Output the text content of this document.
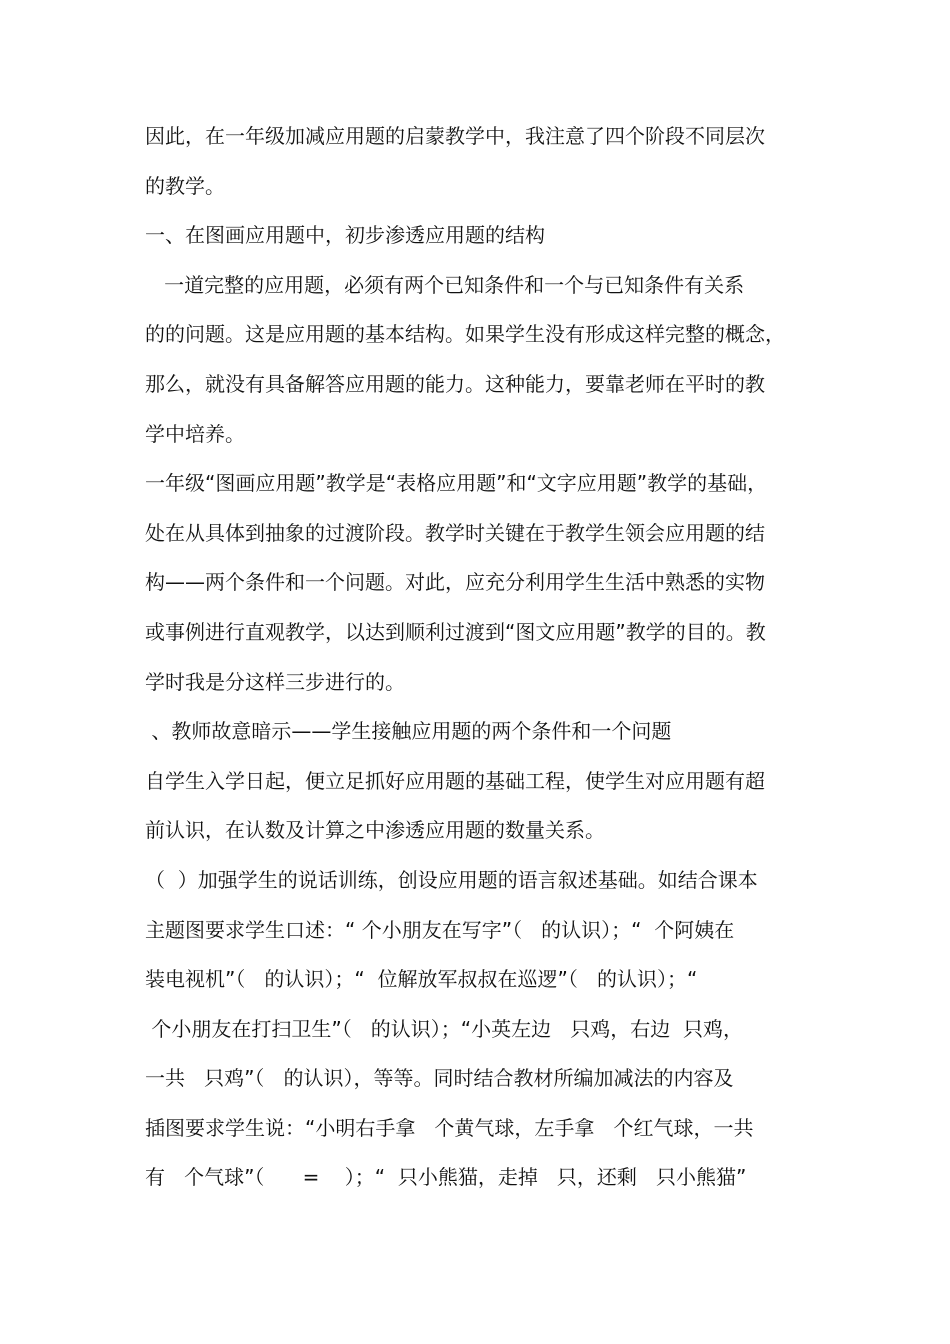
因此，在一年级加减应用题的启蒙教学中，我注意了四个阶段不同层次
的教学。
一、在图画应用题中，初步渗透应用题的结构
一道完整的应用题，必须有两个已知条件和一个与已知条件有关系
的的问题。这是应用题的基本结构。如果学生没有形成这样完整的概念，
那么，就没有具备解答应用题的能力。这种能力，要靠老师在平时的教
学中培养。
一年级“图画应用题”教学是“表格应用题”和“文字应用题”教学的基础，
处在从具体到抽象的过渡阶段。教学时关键在于教学生领会应用题的结
构——两个条件和一个问题。对此，应充分利用学生生活中熟悉的实物
或事例进行直观教学，以达到顺利过渡到“图文应用题”教学的目的。教
学时我是分这样三步进行的。
、教师故意暗示——学生接触应用题的两个条件和一个问题
自学生入学日起，便立足抓好应用题的基础工程，使学生对应用题有超
前认识，在认数及计算之中渗透应用题的数量关系。
（  ）加强学生的说话训练，创设应用题的语言叙述基础。如结合课本
主题图要求学生口述：“ 个小朋友在写字”（   的认识）；“  个阿姨在
装电视机”（   的认识）；“  位解放军叔叔在巡逻”（   的认识）；“
个小朋友在打扫卫生”（   的认识）；“小英左边   只鸡，右边  只鸡，
一共   只鸡”（   的认识），等等。同时结合教材所编加减法的内容及
插图要求学生说：“小明右手拿   个黄气球，左手拿   个红气球，一共
有   个气球”（      =    ）；“  只小熊猫，走掉   只，还剩   只小熊猫”
